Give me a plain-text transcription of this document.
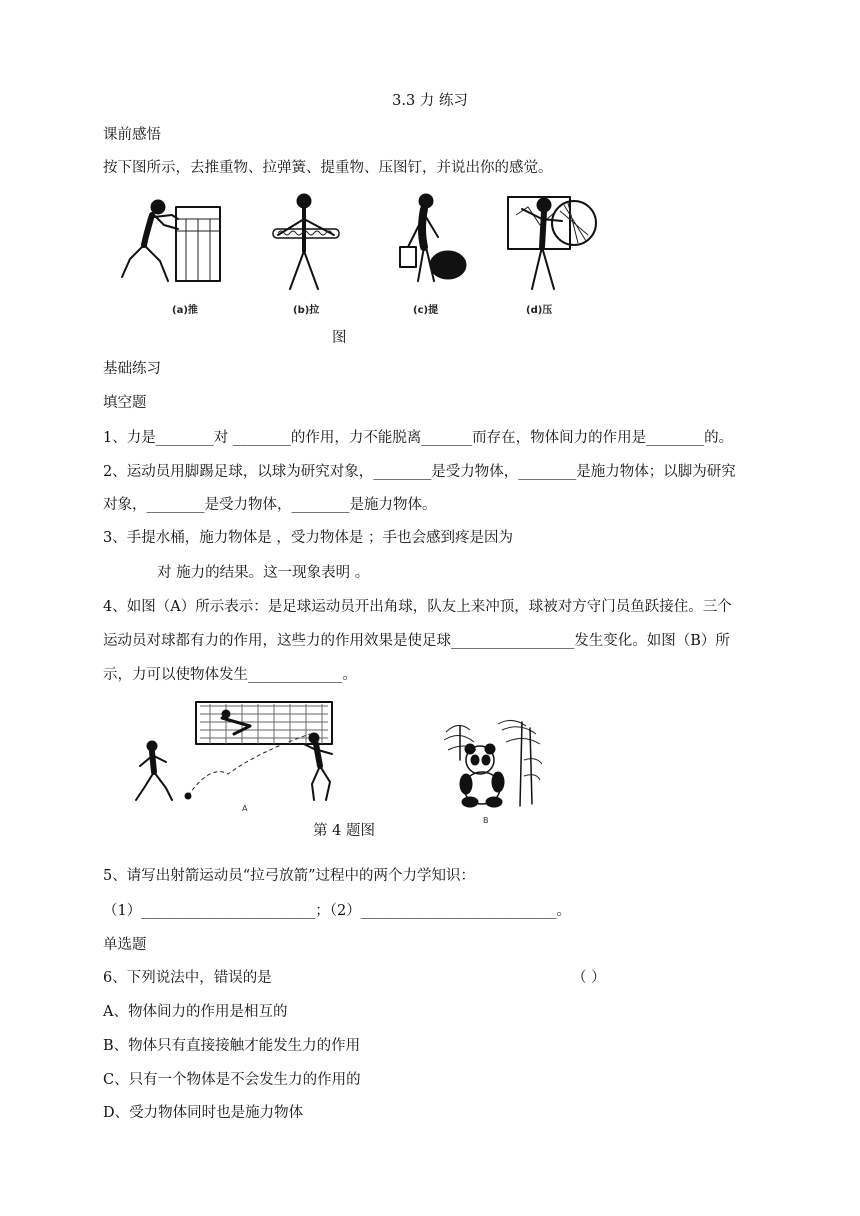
3.3 力 练习
课前感悟
按下图所示，去推重物、拉弹簧、提重物、压图钉，并说出你的感觉。
(a)推	(b)拉	(c)提	(d)压
图
基础练习
填空题
1、力是________对 ________的作用，力不能脱离_______而存在，物体间力的作用是________的。
2、运动员用脚踢足球，以球为研究对象，________是受力物体，________是施力物体；以脚为研究
对象，________是受力物体，________是施力物体。
3、手提水桶，施力物体是 ，受力物体是 ；手也会感到疼是因为
对 施力的结果。这一现象表明 。
4、如图（A）所示表示：是足球运动员开出角球，队友上来冲顶，球被对方守门员鱼跃接住。三个
运动员对球都有力的作用，这些力的作用效果是使足球_________________发生变化。如图（B）所
示，力可以使物体发生_____________。
A
B
第 4 题图
5、请写出射箭运动员“拉弓放箭”过程中的两个力学知识：
（1）________________________；（2）___________________________。
单选题
6、下列说法中，错误的是	（ ）
A、物体间力的作用是相互的
B、物体只有直接接触才能发生力的作用
C、只有一个物体是不会发生力的作用的
D、受力物体同时也是施力物体
